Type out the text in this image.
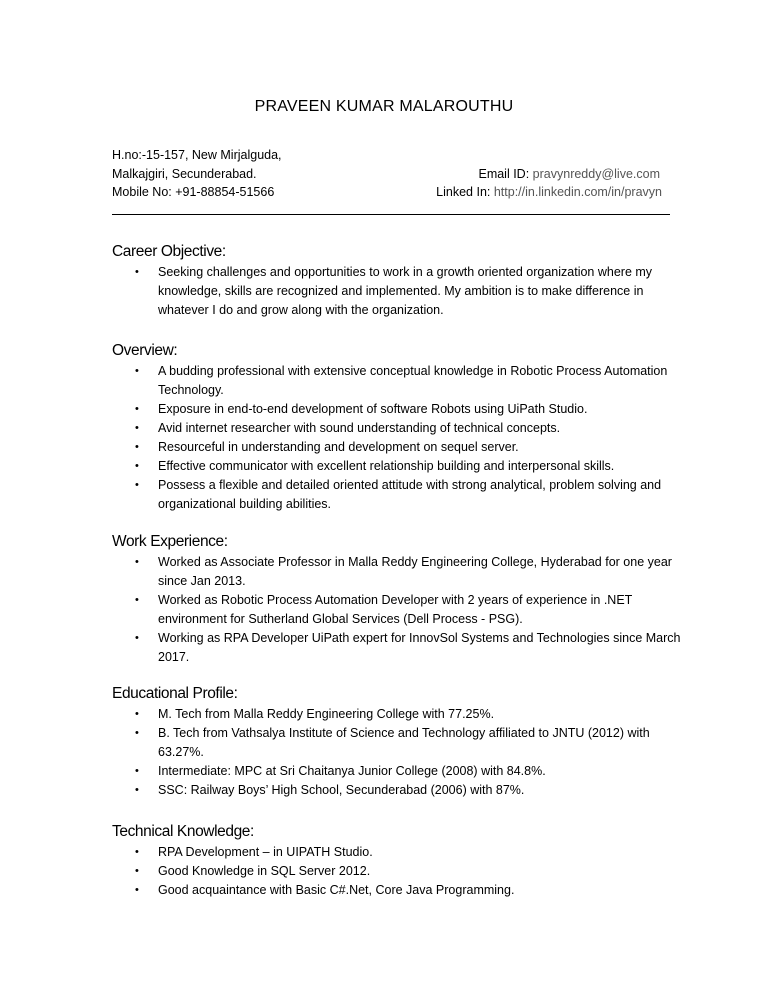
PRAVEEN KUMAR MALAROUTHU
H.no:-15-157, New Mirjalguda,
Malkajgiri, Secunderabad.	Email ID: pravynreddy@live.com
Mobile No: +91-88854-51566	Linked In: http://in.linkedin.com/in/pravyn
Career Objective:
• Seeking challenges and opportunities to work in a growth oriented organization where my knowledge, skills are recognized and implemented. My ambition is to make difference in whatever I do and grow along with the organization.
Overview:
• A budding professional with extensive conceptual knowledge in Robotic Process Automation Technology.
• Exposure in end-to-end development of software Robots using UiPath Studio.
• Avid internet researcher with sound understanding of technical concepts.
• Resourceful in understanding and development on sequel server.
• Effective communicator with excellent relationship building and interpersonal skills.
• Possess a flexible and detailed oriented attitude with strong analytical, problem solving and organizational building abilities.
Work Experience:
• Worked as Associate Professor in Malla Reddy Engineering College, Hyderabad for one year since Jan 2013.
• Worked as Robotic Process Automation Developer with 2 years of experience in .NET environment for Sutherland Global Services (Dell Process - PSG).
• Working as RPA Developer UiPath expert for InnovSol Systems and Technologies since March 2017.
Educational Profile:
• M. Tech from Malla Reddy Engineering College with 77.25%.
• B. Tech from Vathsalya Institute of Science and Technology affiliated to JNTU (2012) with 63.27%.
• Intermediate: MPC at Sri Chaitanya Junior College (2008) with 84.8%.
• SSC: Railway Boys’ High School, Secunderabad (2006) with 87%.
Technical Knowledge:
• RPA Development – in UIPATH Studio.
• Good Knowledge in SQL Server 2012.
• Good acquaintance with Basic C#.Net, Core Java Programming.
